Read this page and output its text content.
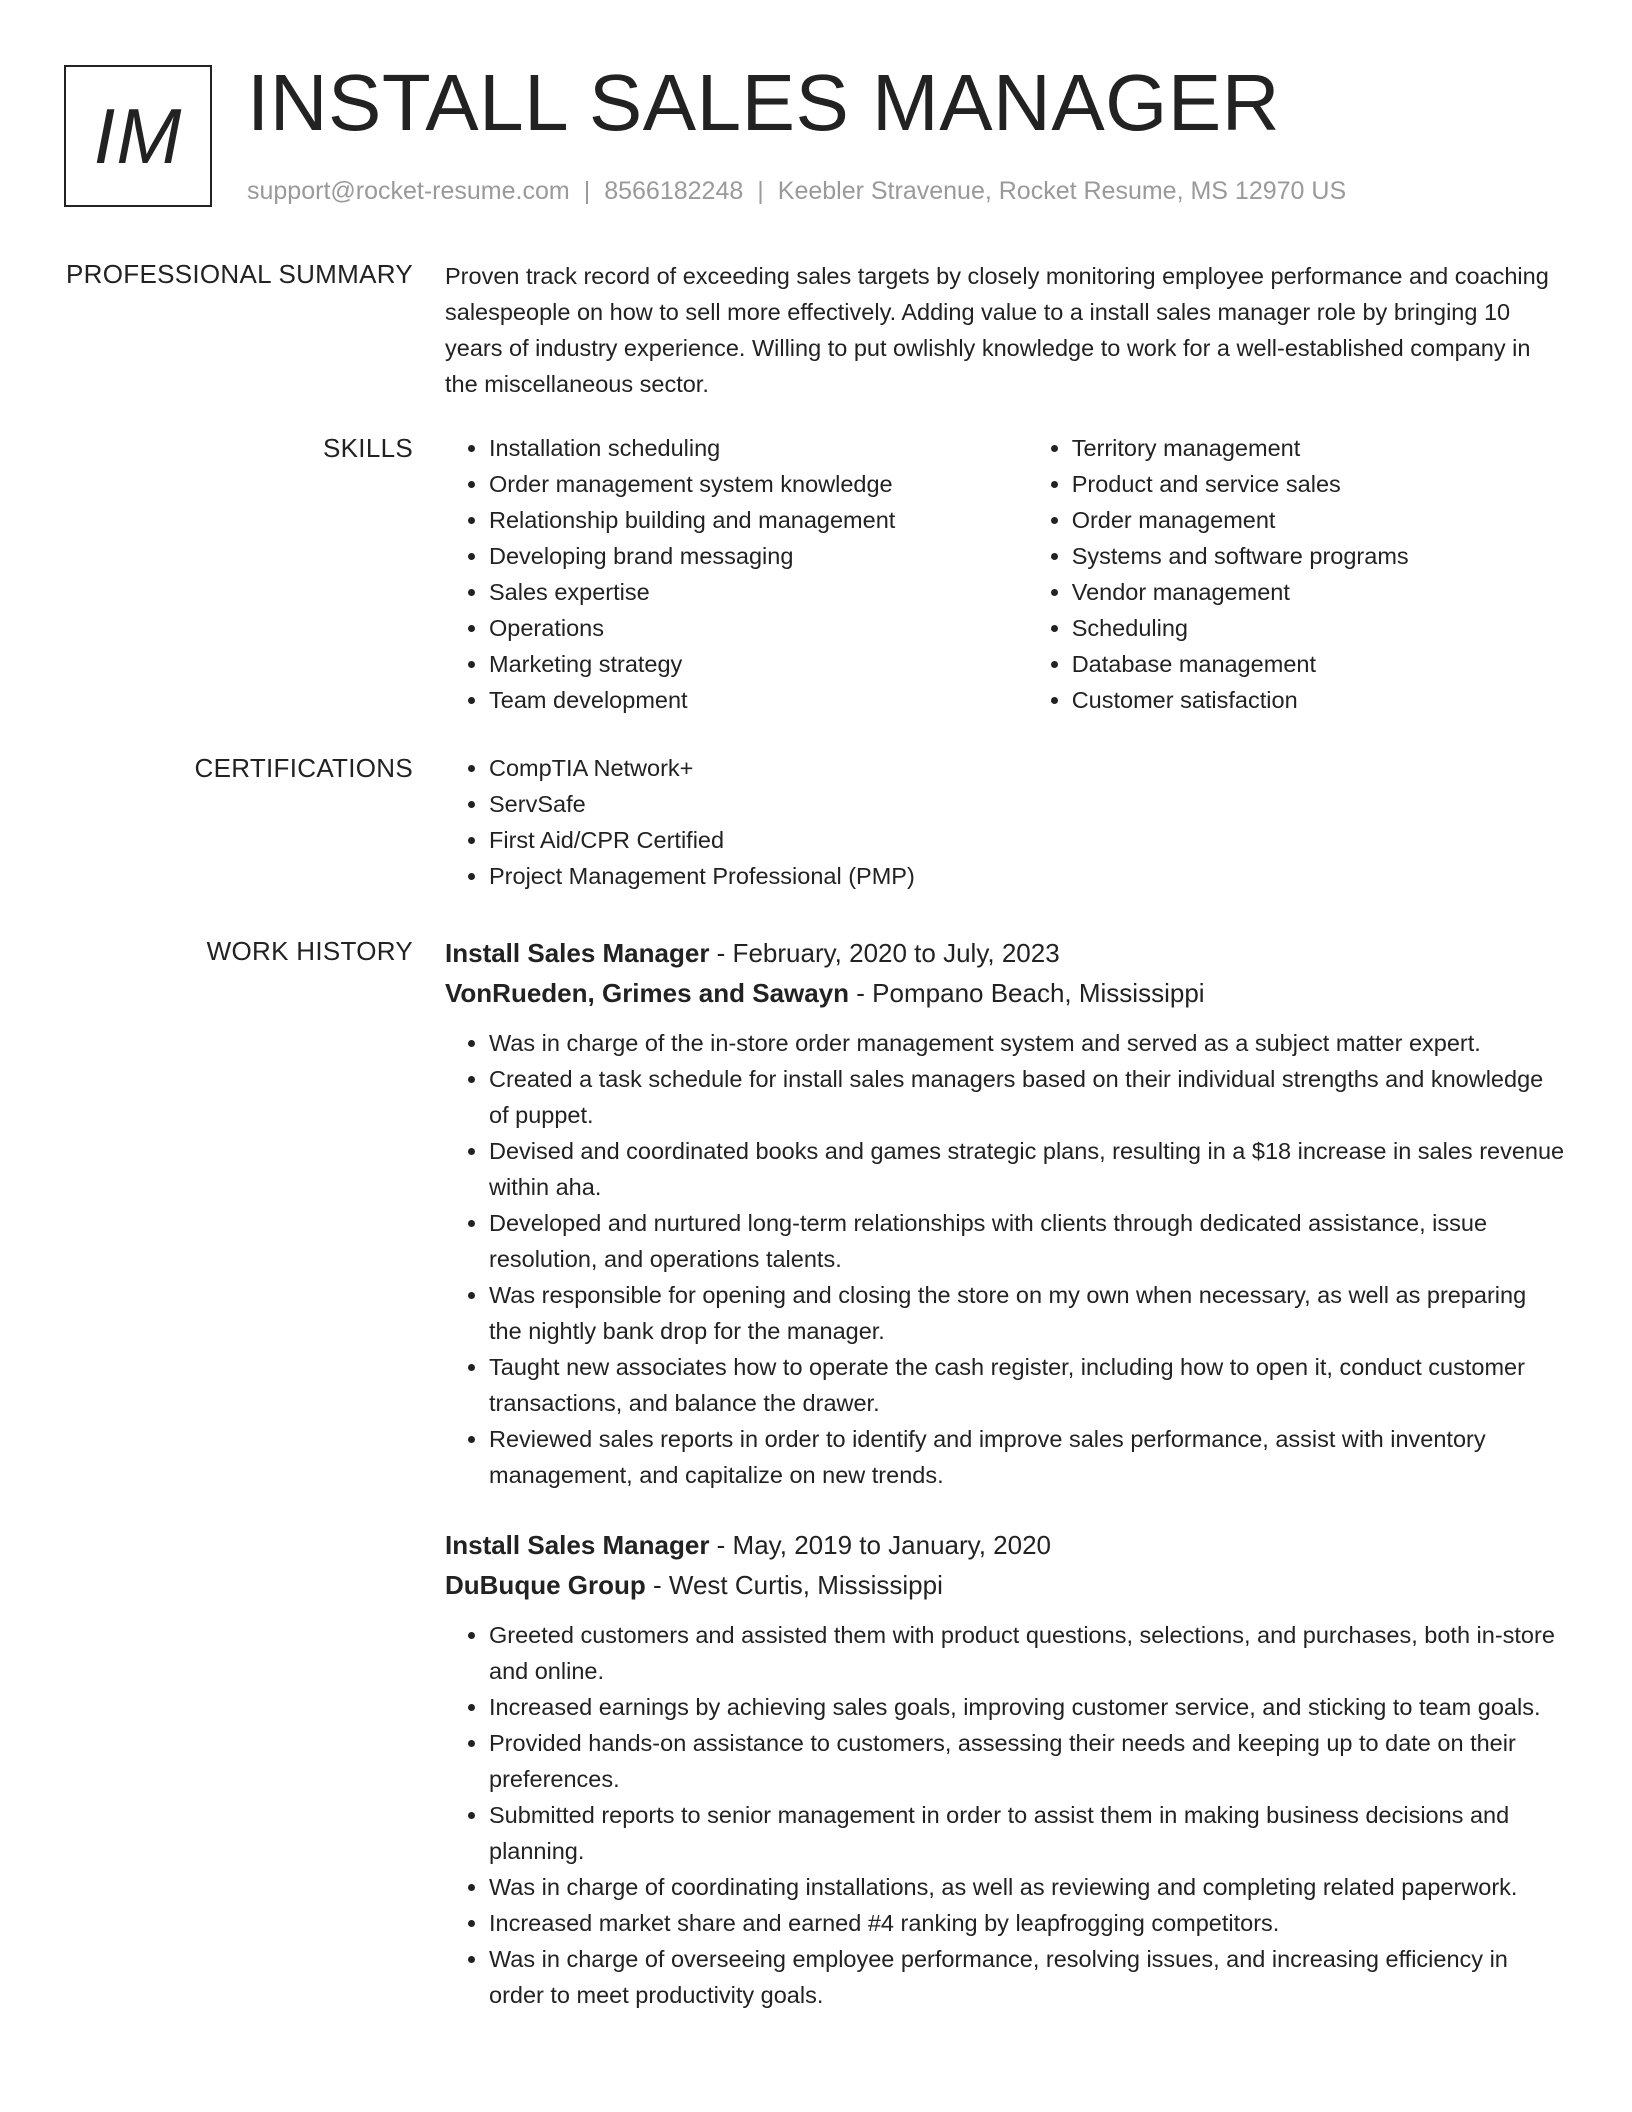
IM INSTALL SALES MANAGER
support@rocket-resume.com | 8566182248 | Keebler Stravenue, Rocket Resume, MS 12970 US
PROFESSIONAL SUMMARY Proven track record of exceeding sales targets by closely monitoring employee performance and coaching salespeople on how to sell more effectively. Adding value to a install sales manager role by bringing 10 years of industry experience. Willing to put owlishly knowledge to work for a well-established company in the miscellaneous sector.
SKILLS	• Installation scheduling
• Order management system knowledge
• Relationship building and management
• Developing brand messaging
• Sales expertise
• Operations
• Marketing strategy
• Team development
• Territory management
• Product and service sales
• Order management
• Systems and software programs
• Vendor management
• Scheduling
• Database management
• Customer satisfaction
CERTIFICATIONS	• CompTIA Network+
• ServSafe
• First Aid/CPR Certified
• Project Management Professional (PMP)
WORK HISTORY Install Sales Manager - February, 2020 to July, 2023
VonRueden, Grimes and Sawayn - Pompano Beach, Mississippi
• Was in charge of the in-store order management system and served as a subject matter expert.
• Created a task schedule for install sales managers based on their individual strengths and knowledge of puppet.
• Devised and coordinated books and games strategic plans, resulting in a $18 increase in sales revenue within aha.
• Developed and nurtured long-term relationships with clients through dedicated assistance, issue resolution, and operations talents.
• Was responsible for opening and closing the store on my own when necessary, as well as preparing the nightly bank drop for the manager.
• Taught new associates how to operate the cash register, including how to open it, conduct customer transactions, and balance the drawer.
• Reviewed sales reports in order to identify and improve sales performance, assist with inventory management, and capitalize on new trends.
Install Sales Manager - May, 2019 to January, 2020
DuBuque Group - West Curtis, Mississippi
• Greeted customers and assisted them with product questions, selections, and purchases, both in-store and online.
• Increased earnings by achieving sales goals, improving customer service, and sticking to team goals.
• Provided hands-on assistance to customers, assessing their needs and keeping up to date on their preferences.
• Submitted reports to senior management in order to assist them in making business decisions and planning.
• Was in charge of coordinating installations, as well as reviewing and completing related paperwork.
• Increased market share and earned #4 ranking by leapfrogging competitors.
• Was in charge of overseeing employee performance, resolving issues, and increasing efficiency in order to meet productivity goals.
